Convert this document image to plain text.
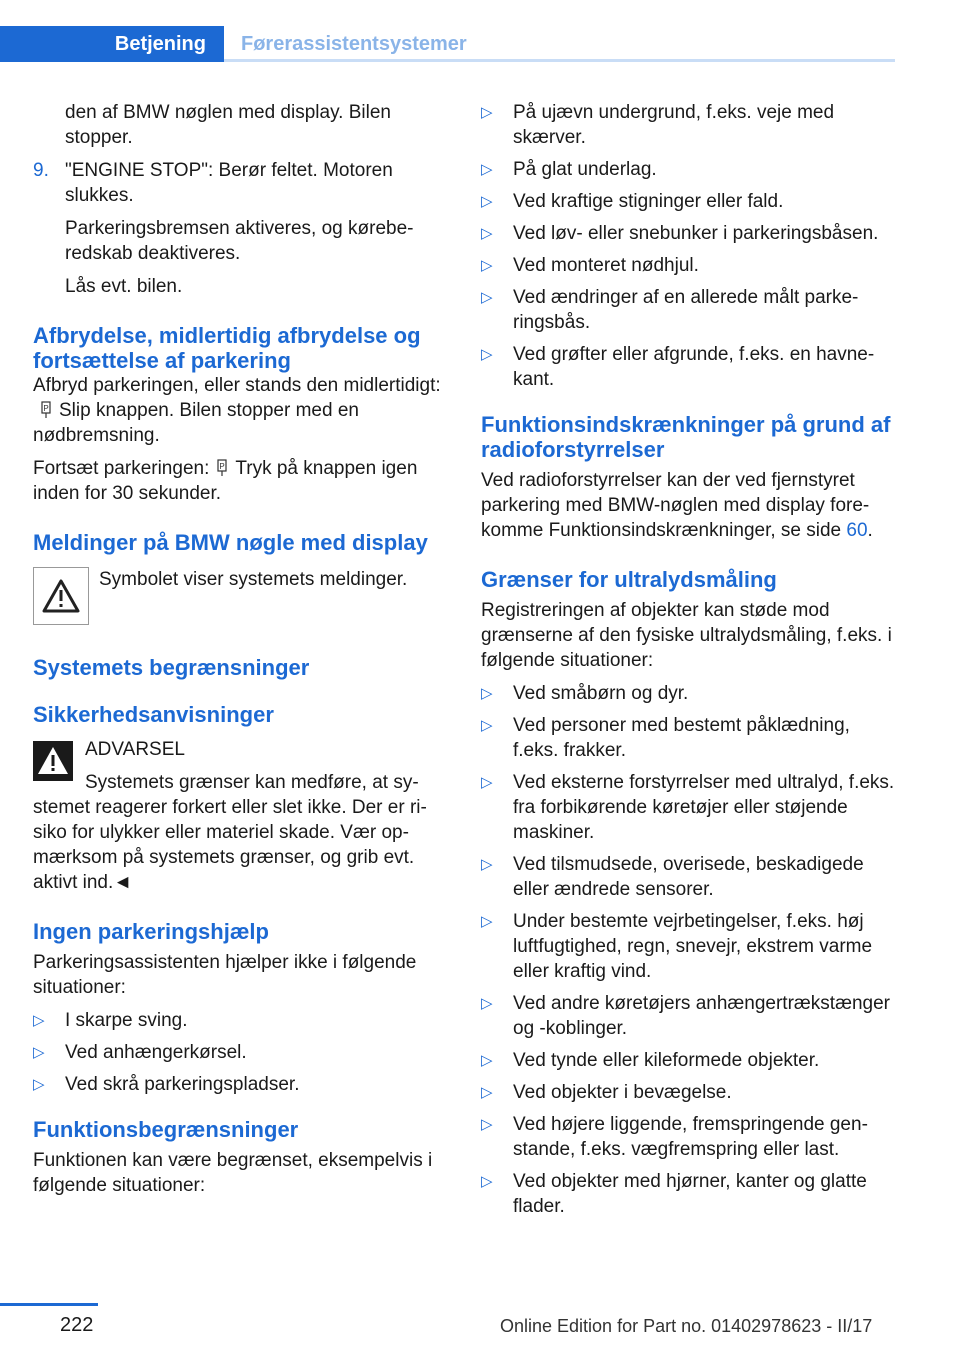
Betjening	Førerassistentsystemer

den af BMW nøglen med display. Bilen stopper.

9. "ENGINE STOP": Berør feltet. Motoren slukkes.

Parkeringsbremsen aktiveres, og køreberedskab deaktiveres.

Lås evt. bilen.

Afbrydelse, midlertidig afbrydelse og fortsættelse af parkering

Afbryd parkeringen, eller stands den midlertidigt:
P Slip knappen. Bilen stopper med en nødbremsning.

Fortsæt parkeringen: P Tryk på knappen igen inden for 30 sekunder.

Meldinger på BMW nøgle med display

Symbolet viser systemets meldinger.

Systemets begrænsninger
Sikkerhedsanvisninger

ADVARSEL

Systemets grænser kan medføre, at systemet reagerer forkert eller slet ikke. Der er risiko for ulykker eller materiel skade. Vær opmærksom på systemets grænser, og grib evt. aktivt ind.◄

Ingen parkeringshjælp

Parkeringsassistenten hjælper ikke i følgende situationer:

▷	I skarpe sving.
▷	Ved anhængerkørsel.
▷	Ved skrå parkeringspladser.
Funktionsbegrænsninger

Funktionen kan være begrænset, eksempelvis i følgende situationer:

▷	På ujævn undergrund, f.eks. veje med skærver.
▷	På glat underlag.
▷	Ved kraftige stigninger eller fald.
▷	Ved løv- eller snebunker i parkeringsbåsen.
▷	Ved monteret nødhjul.
▷	Ved ændringer af en allerede målt parkeringsbås.
▷	Ved grøfter eller afgrunde, f.eks. en havnekant.
Funktionsindskrænkninger på grund af radioforstyrrelser

Ved radioforstyrrelser kan der ved fjernstyret parkering med BMW-nøglen med display forekomme Funktionsindskrænkninger, se side 60.

Grænser for ultralydsmåling

Registreringen af objekter kan støde mod grænserne af den fysiske ultralydsmåling, f.eks. i følgende situationer:

▷	Ved småbørn og dyr.
▷	Ved personer med bestemt påklædning, f.eks. frakker.
▷	Ved eksterne forstyrrelser med ultralyd, f.eks. fra forbikørende køretøjer eller støjende maskiner.
▷	Ved tilsmudsede, overisede, beskadigede eller ændrede sensorer.
▷	Under bestemte vejrbetingelser, f.eks. høj luftfugtighed, regn, snevejr, ekstrem varme eller kraftig vind.
▷	Ved andre køretøjers anhængertrækstænger og -koblinger.
▷	Ved tynde eller kileformede objekter.
▷	Ved objekter i bevægelse.
▷	Ved højere liggende, fremspringende genstande, f.eks. vægfremspring eller last.
▷	Ved objekter med hjørner, kanter og glatte flader.
222	Online Edition for Part no. 01402978623 - II/17
